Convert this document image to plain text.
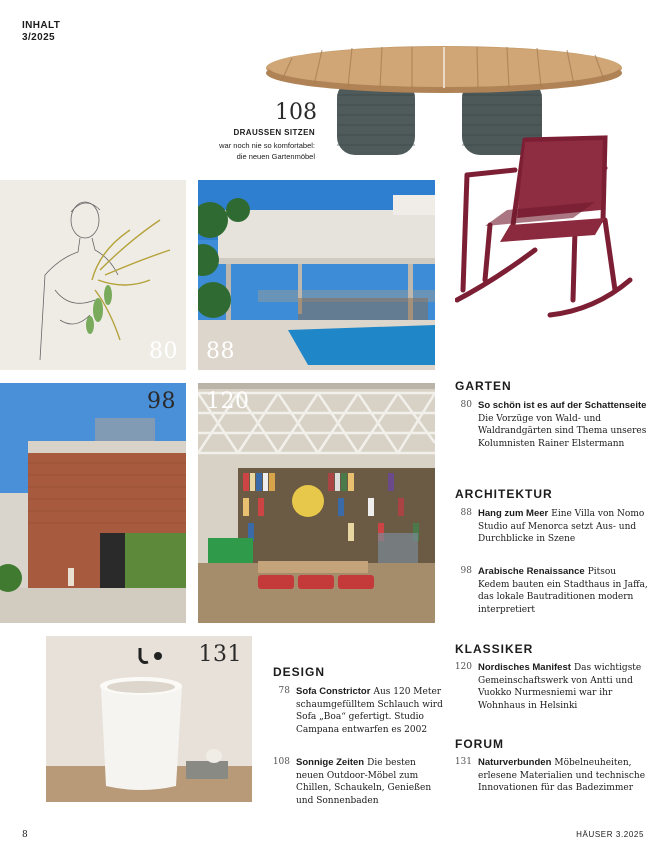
INHALT
3/2025
108
DRAUSSEN SITZEN
war noch nie so komfortabel:
die neuen Gartenmöbel
80 88
98 120
131
GARTEN
80 So schön ist es auf der Schattenseite Die Vorzüge von Wald- und Waldrandgärten sind Thema unseres Kolumnisten Rainer Elstermann
ARCHITEKTUR
88 Hang zum Meer Eine Villa von Nomo Studio auf Menorca setzt Aus- und Durchblicke in Szene
98 Arabische Renaissance Pitsou Kedem bauten ein Stadthaus in Jaffa, das lokale Bautraditionen modern interpretiert
KLASSIKER
120 Nordisches Manifest Das wichtigste Gemeinschaftswerk von Antti und Vuokko Nurmesniemi war ihr Wohnhaus in Helsinki
FORUM
131 Naturverbunden Möbelneuheiten, erlesene Materialien und technische Innovationen für das Badezimmer
DESIGN
78 Sofa Constrictor Aus 120 Meter schaumgefülltem Schlauch wird Sofa „Boa“ gefertigt. Studio Campana entwarfen es 2002
108 Sonnige Zeiten Die besten neuen Outdoor-Möbel zum Chillen, Schaukeln, Genießen und Sonnenbaden
8	HÄUSER 3.2025
